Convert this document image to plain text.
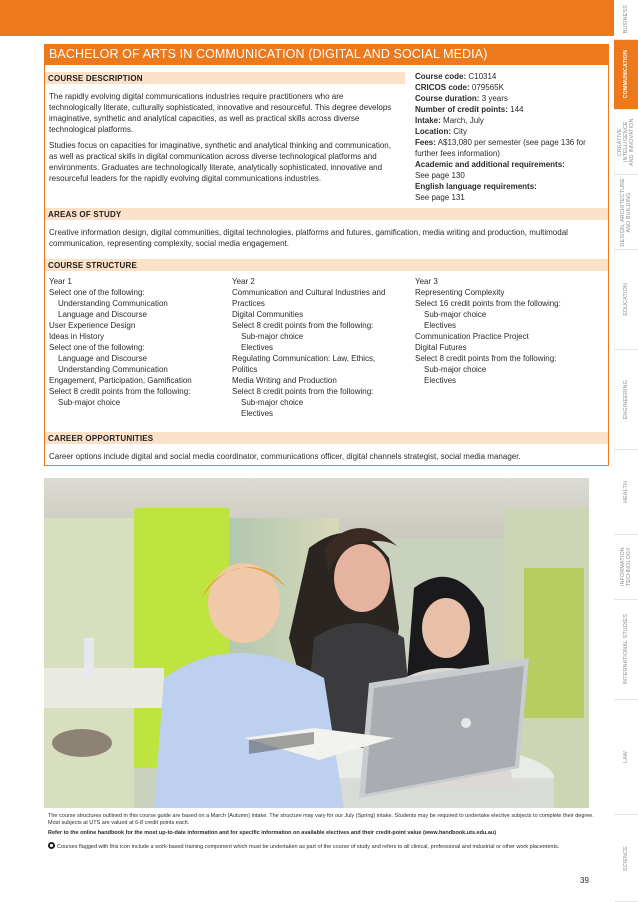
BUSINESS
COMMUNICATION
CREATIVE INTELLIGENCE
AND INNOVATION
DESIGN, ARCHITECTURE
AND BUILDING
EDUCATION
ENGINEERING
HEALTH
INFORMATION
TECHNOLOGY
INTERNATIONAL STUDIES
LAW
SCIENCE
BACHELOR OF ARTS IN COMMUNICATION (DIGITAL AND SOCIAL MEDIA)
COURSE DESCRIPTION
The rapidly evolving digital communications industries require practitioners who are technologically literate, culturally sophisticated, innovative and resourceful. This degree develops imaginative, synthetic and analytical capacities, as well as practical skills across diverse technological platforms.
Studies focus on capacities for imaginative, synthetic and analytical thinking and communication, as well as practical skills in digital communication across diverse technological platforms and environments. Graduates are technologically literate, analytically sophisticated, innovative and resourceful leaders for the rapidly evolving digital communications industries.
Course code: C10314
CRICOS code: 079565K
Course duration: 3 years
Number of credit points: 144
Intake: March, July
Location: City
Fees: A$13,080 per semester (see page 136 for further fees information)
Academic and additional requirements:
See page 130
English language requirements:
See page 131
AREAS OF STUDY
Creative information design, digital communities, digital technologies, platforms and futures, gamification, media writing and production, multimodal communication, representing complexity, social media engagement.
COURSE STRUCTURE
Year 1
Select one of the following:
Understanding Communication
Language and Discourse
User Experience Design
Ideas in History
Select one of the following:
Language and Discourse
Understanding Communication
Engagement, Participation, Gamification
Select 8 credit points from the following:
Sub-major choice
Year 2
Communication and Cultural Industries and Practices
Digital Communities
Select 8 credit points from the following:
Sub-major choice
Electives
Regulating Communication: Law, Ethics, Politics
Media Writing and Production
Select 8 credit points from the following:
Sub-major choice
Electives
Year 3
Representing Complexity
Select 16 credit points from the following:
Sub-major choice
Electives
Communication Practice Project
Digital Futures
Select 8 credit points from the following:
Sub-major choice
Electives
CAREER OPPORTUNITIES
Career options include digital and social media coordinator, communications officer, digital channels strategist, social media manager.
The course structures outlined in this course guide are based on a March (Autumn) intake. The structure may vary for our July (Spring) intake. Students may be required to undertake elective subjects to complete their degree. Most subjects at UTS are valued at 6-8 credit points each.
Refer to the online handbook for the most up-to-date information and for specific information on available electives and their credit-point value (www.handbook.uts.edu.au)
Courses flagged with this icon include a work-based training component which must be undertaken as part of the course of study and refers to all clinical, professional and industrial or other work placements.
39
